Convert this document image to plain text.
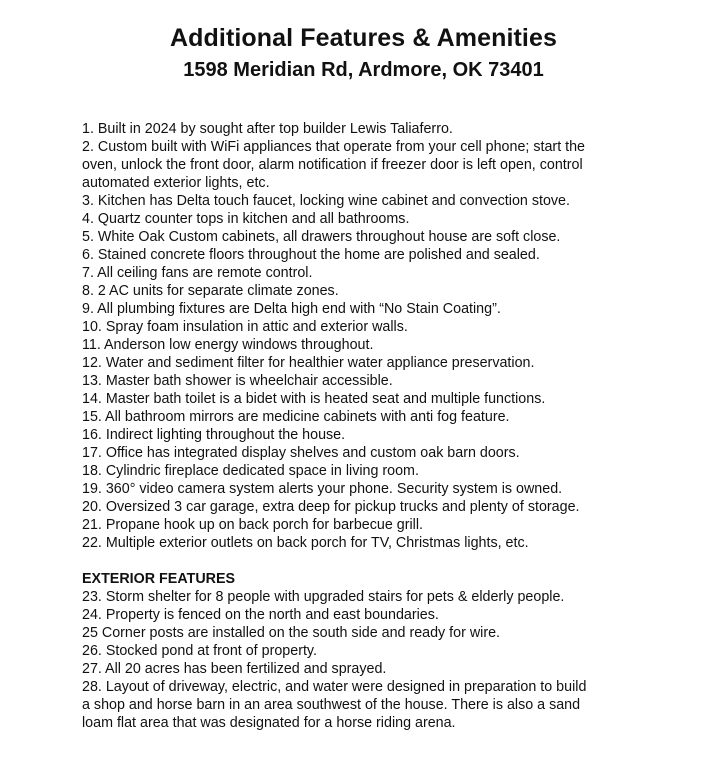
Additional Features & Amenities
1598 Meridian Rd, Ardmore, OK 73401
1. Built in 2024 by sought after top builder Lewis Taliaferro.
2. Custom built with WiFi appliances that operate from your cell phone; start the
oven, unlock the front door, alarm notification if freezer door is left open, control
automated exterior lights, etc.
3. Kitchen has Delta touch faucet, locking wine cabinet and convection stove.
4. Quartz counter tops in kitchen and all bathrooms.
5. White Oak Custom cabinets, all drawers throughout house are soft close.
6. Stained concrete floors throughout the home are polished and sealed.
7. All ceiling fans are remote control.
8. 2 AC units for separate climate zones.
9. All plumbing fixtures are Delta high end with “No Stain Coating”.
10. Spray foam insulation in attic and exterior walls.
11. Anderson low energy windows throughout.
12. Water and sediment filter for healthier water appliance preservation.
13. Master bath shower is wheelchair accessible.
14. Master bath toilet is a bidet with is heated seat and multiple functions.
15. All bathroom mirrors are medicine cabinets with anti fog feature.
16. Indirect lighting throughout the house.
17. Office has integrated display shelves and custom oak barn doors.
18. Cylindric fireplace dedicated space in living room.
19. 360° video camera system alerts your phone. Security system is owned.
20. Oversized 3 car garage, extra deep for pickup trucks and plenty of storage.
21. Propane hook up on back porch for barbecue grill.
22. Multiple exterior outlets on back porch for TV, Christmas lights, etc.
EXTERIOR FEATURES
23. Storm shelter for 8 people with upgraded stairs for pets & elderly people.
24. Property is fenced on the north and east boundaries.
25 Corner posts are installed on the south side and ready for wire.
26. Stocked pond at front of property.
27. All 20 acres has been fertilized and sprayed.
28. Layout of driveway, electric, and water were designed in preparation to build
a shop and horse barn in an area southwest of the house. There is also a sand
loam flat area that was designated for a horse riding arena.
